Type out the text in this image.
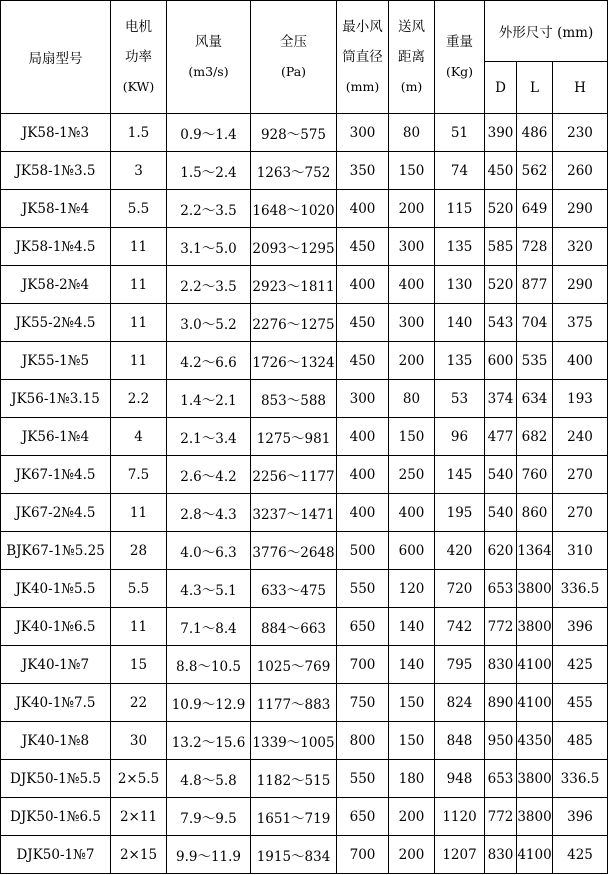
局扇型号	电机
功率
(KW)	风量
(m3/s)	全压
(Pa)	最小风
筒直径
(mm)	送风
距离
(m)	重量
(Kg)	外形尺寸 (mm)		
							D	L	H
JK58-1№3	1.5	0.9～1.4	928～575	300	80	51	390	486	230
JK58-1№3.5	3	1.5～2.4	1263～752	350	150	74	450	562	260
JK58-1№4	5.5	2.2～3.5	1648～1020	400	200	115	520	649	290
JK58-1№4.5	11	3.1～5.0	2093～1295	450	300	135	585	728	320
JK58-2№4	11	2.2～3.5	2923～1811	400	400	130	520	877	290
JK55-2№4.5	11	3.0～5.2	2276～1275	450	300	140	543	704	375
JK55-1№5	11	4.2～6.6	1726～1324	450	200	135	600	535	400
JK56-1№3.15	2.2	1.4～2.1	853～588	300	80	53	374	634	193
JK56-1№4	4	2.1～3.4	1275～981	400	150	96	477	682	240
JK67-1№4.5	7.5	2.6～4.2	2256～1177	400	250	145	540	760	270
JK67-2№4.5	11	2.8～4.3	3237～1471	400	400	195	540	860	270
BJK67-1№5.25	28	4.0～6.3	3776～2648	500	600	420	620	1364	310
JK40-1№5.5	5.5	4.3～5.1	633～475	550	120	720	653	3800	336.5
JK40-1№6.5	11	7.1～8.4	884～663	650	140	742	772	3800	396
JK40-1№7	15	8.8～10.5	1025～769	700	140	795	830	4100	425
JK40-1№7.5	22	10.9～12.9	1177～883	750	150	824	890	4100	455
JK40-1№8	30	13.2～15.6	1339～1005	800	150	848	950	4350	485
DJK50-1№5.5	2×5.5	4.8～5.8	1182～515	550	180	948	653	3800	336.5
DJK50-1№6.5	2×11	7.9～9.5	1651～719	650	200	1120	772	3800	396
DJK50-1№7	2×15	9.9～11.9	1915～834	700	200	1207	830	4100	425
